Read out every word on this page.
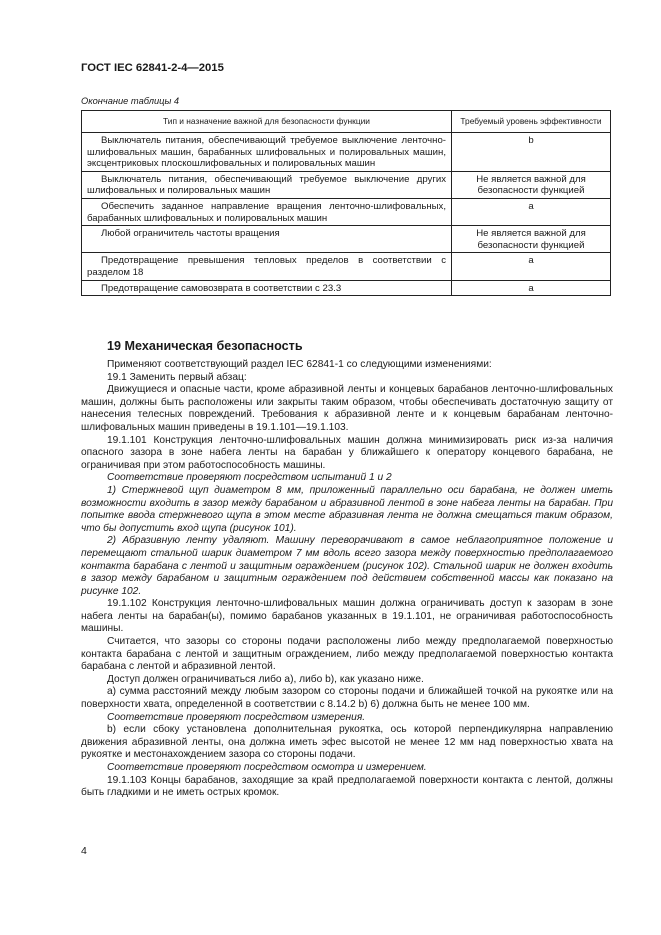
ГОСТ IEC 62841-2-4—2015
Окончание таблицы 4
Тип и назначение важной для безопасности функции	Требуемый уровень эффективности
Выключатель питания, обеспечивающий требуемое выключение ленточно-шлифовальных машин, барабанных шлифовальных и полировальных машин, эксцентриковых плоскошлифовальных и полировальных машин	b
Выключатель питания, обеспечивающий требуемое выключение других шлифовальных и полировальных машин	Не является важной для безопасности функцией
Обеспечить заданное направление вращения ленточно-шлифовальных, барабанных шлифовальных и полировальных машин	a
Любой ограничитель частоты вращения	Не является важной для безопасности функцией
Предотвращение превышения тепловых пределов в соответствии с разделом 18	a
Предотвращение самовозврата в соответствии с 23.3	a
19 Механическая безопасность

Применяют соответствующий раздел IEC 62841-1 со следующими изменениями:

19.1 Заменить первый абзац:

Движущиеся и опасные части, кроме абразивной ленты и концевых барабанов ленточно-шлифовальных машин, должны быть расположены или закрыты таким образом, чтобы обеспечивать достаточную защиту от нанесения телесных повреждений. Требования к абразивной ленте и к концевым барабанам ленточно-шлифовальных машин приведены в 19.1.101—19.1.103.

19.1.101 Конструкция ленточно-шлифовальных машин должна минимизировать риск из-за наличия опасного зазора в зоне набега ленты на барабан у ближайшего к оператору концевого барабана, не ограничивая при этом работоспособность машины.

Соответствие проверяют посредством испытаний 1 и 2

1) Стержневой щуп диаметром 8 мм, приложенный параллельно оси барабана, не должен иметь возможности входить в зазор между барабаном и абразивной лентой в зоне набега ленты на барабан. При попытке ввода стержневого щупа в этом месте абразивная лента не должна смещаться таким образом, что бы допустить вход щупа (рисунок 101).

2) Абразивную ленту удаляют. Машину переворачивают в самое неблагоприятное положение и перемещают стальной шарик диаметром 7 мм вдоль всего зазора между поверхностью предполагаемого контакта барабана с лентой и защитным ограждением (рисунок 102). Стальной шарик не должен входить в зазор между барабаном и защитным ограждением под действием собственной массы как показано на рисунке 102.

19.1.102 Конструкция ленточно-шлифовальных машин должна ограничивать доступ к зазорам в зоне набега ленты на барабан(ы), помимо барабанов указанных в 19.1.101, не ограничивая работоспособность машины.

Считается, что зазоры со стороны подачи расположены либо между предполагаемой поверхностью контакта барабана с лентой и защитным ограждением, либо между предполагаемой поверхностью контакта барабана с лентой и абразивной лентой.

Доступ должен ограничиваться либо a), либо b), как указано ниже.

a) сумма расстояний между любым зазором со стороны подачи и ближайшей точкой на рукоятке или на поверхности хвата, определенной в соответствии с 8.14.2 b) 6) должна быть не менее 100 мм.

Соответствие проверяют посредством измерения.

b) если сбоку установлена дополнительная рукоятка, ось которой перпендикулярна направлению движения абразивной ленты, она должна иметь эфес высотой не менее 12 мм над поверхностью хвата на рукоятке и местонахождением зазора со стороны подачи.

Соответствие проверяют посредством осмотра и измерением.

19.1.103 Концы барабанов, заходящие за край предполагаемой поверхности контакта с лентой, должны быть гладкими и не иметь острых кромок.

4
